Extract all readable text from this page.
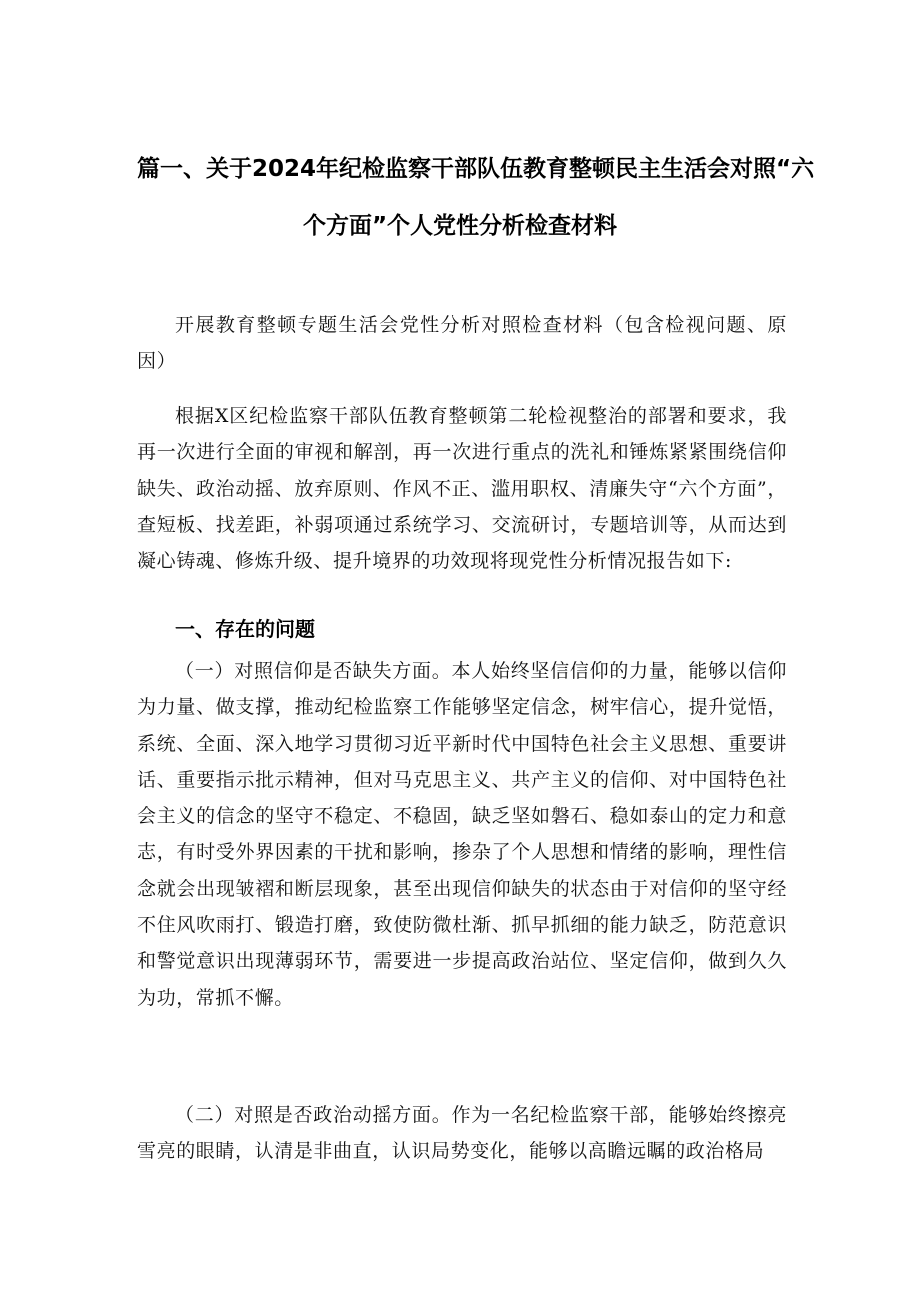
篇一、关于2024年纪检监察干部队伍教育整顿民主生活会对照“六
个方面”个人党性分析检查材料
开展教育整顿专题生活会党性分析对照检查材料（包含检视问题、原因）
根据X区纪检监察干部队伍教育整顿第二轮检视整治的部署和要求，我再一次进行全面的审视和解剖，再一次进行重点的洗礼和锤炼紧紧围绕信仰缺失、政治动摇、放弃原则、作风不正、滥用职权、清廉失守“六个方面”，查短板、找差距，补弱项通过系统学习、交流研讨，专题培训等，从而达到凝心铸魂、修炼升级、提升境界的功效现将现党性分析情况报告如下:
一、存在的问题
（一）对照信仰是否缺失方面。本人始终坚信信仰的力量，能够以信仰为力量、做支撑，推动纪检监察工作能够坚定信念，树牢信心，提升觉悟，系统、全面、深入地学习贯彻习近平新时代中国特色社会主义思想、重要讲话、重要指示批示精神，但对马克思主义、共产主义的信仰、对中国特色社会主义的信念的坚守不稳定、不稳固，缺乏坚如磐石、稳如泰山的定力和意志，有时受外界因素的干扰和影响，掺杂了个人思想和情绪的影响，理性信念就会出现皱褶和断层现象，甚至出现信仰缺失的状态由于对信仰的坚守经不住风吹雨打、锻造打磨，致使防微杜渐、抓早抓细的能力缺乏，防范意识和警觉意识出现薄弱环节，需要进一步提高政治站位、坚定信仰，做到久久为功，常抓不懈。
（二）对照是否政治动摇方面。作为一名纪检监察干部，能够始终擦亮雪亮的眼睛，认清是非曲直，认识局势变化，能够以高瞻远瞩的政治格局
